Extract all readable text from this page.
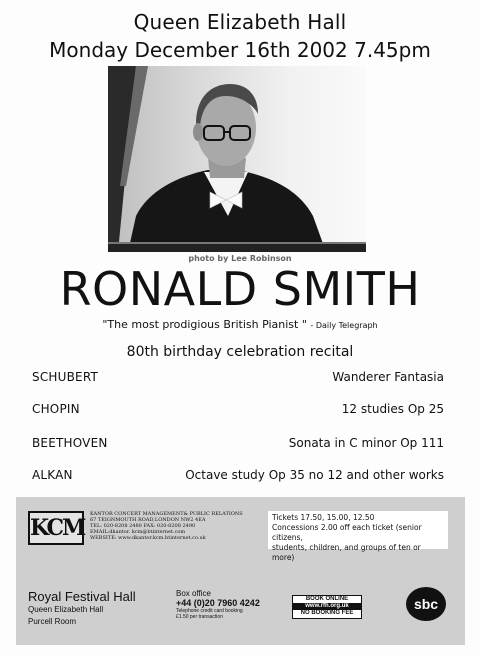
Queen Elizabeth Hall
Monday December 16th 2002 7.45pm
photo by Lee Robinson
RONALD SMITH
"The most prodigious British Pianist " - Daily Telegraph
80th birthday celebration recital
SCHUBERT	Wanderer Fantasia
CHOPIN	12 studies Op 25
BEETHOVEN	Sonata in C minor Op 111
ALKAN	Octave study Op 35 no 12 and other works
KCM
KANTOR CONCERT MANAGEMENT& PUBLIC RELATIONS
67 TEIGNMOUTH ROAD,LONDON NW2 4EA
TEL: 020-8208 2480 FAX: 020-8208 2490
EMAIL:dkantor. kcm@btinternet.com
WEBSITE: www.dkantor.kcm.btinternet.co.uk
Tickets 17.50, 15.00, 12.50
Concessions 2.00 off each ticket (senior citizens,
students, children, and groups of ten or more)
Royal Festival Hall
Queen Elizabeth Hall
Purcell Room
Box office
+44 (0)20 7960 4242
Telephone credit card booking
£1.50 per transaction
BOOK ONLINE
www.rfh.org.uk
NO BOOKING FEE
sbc
